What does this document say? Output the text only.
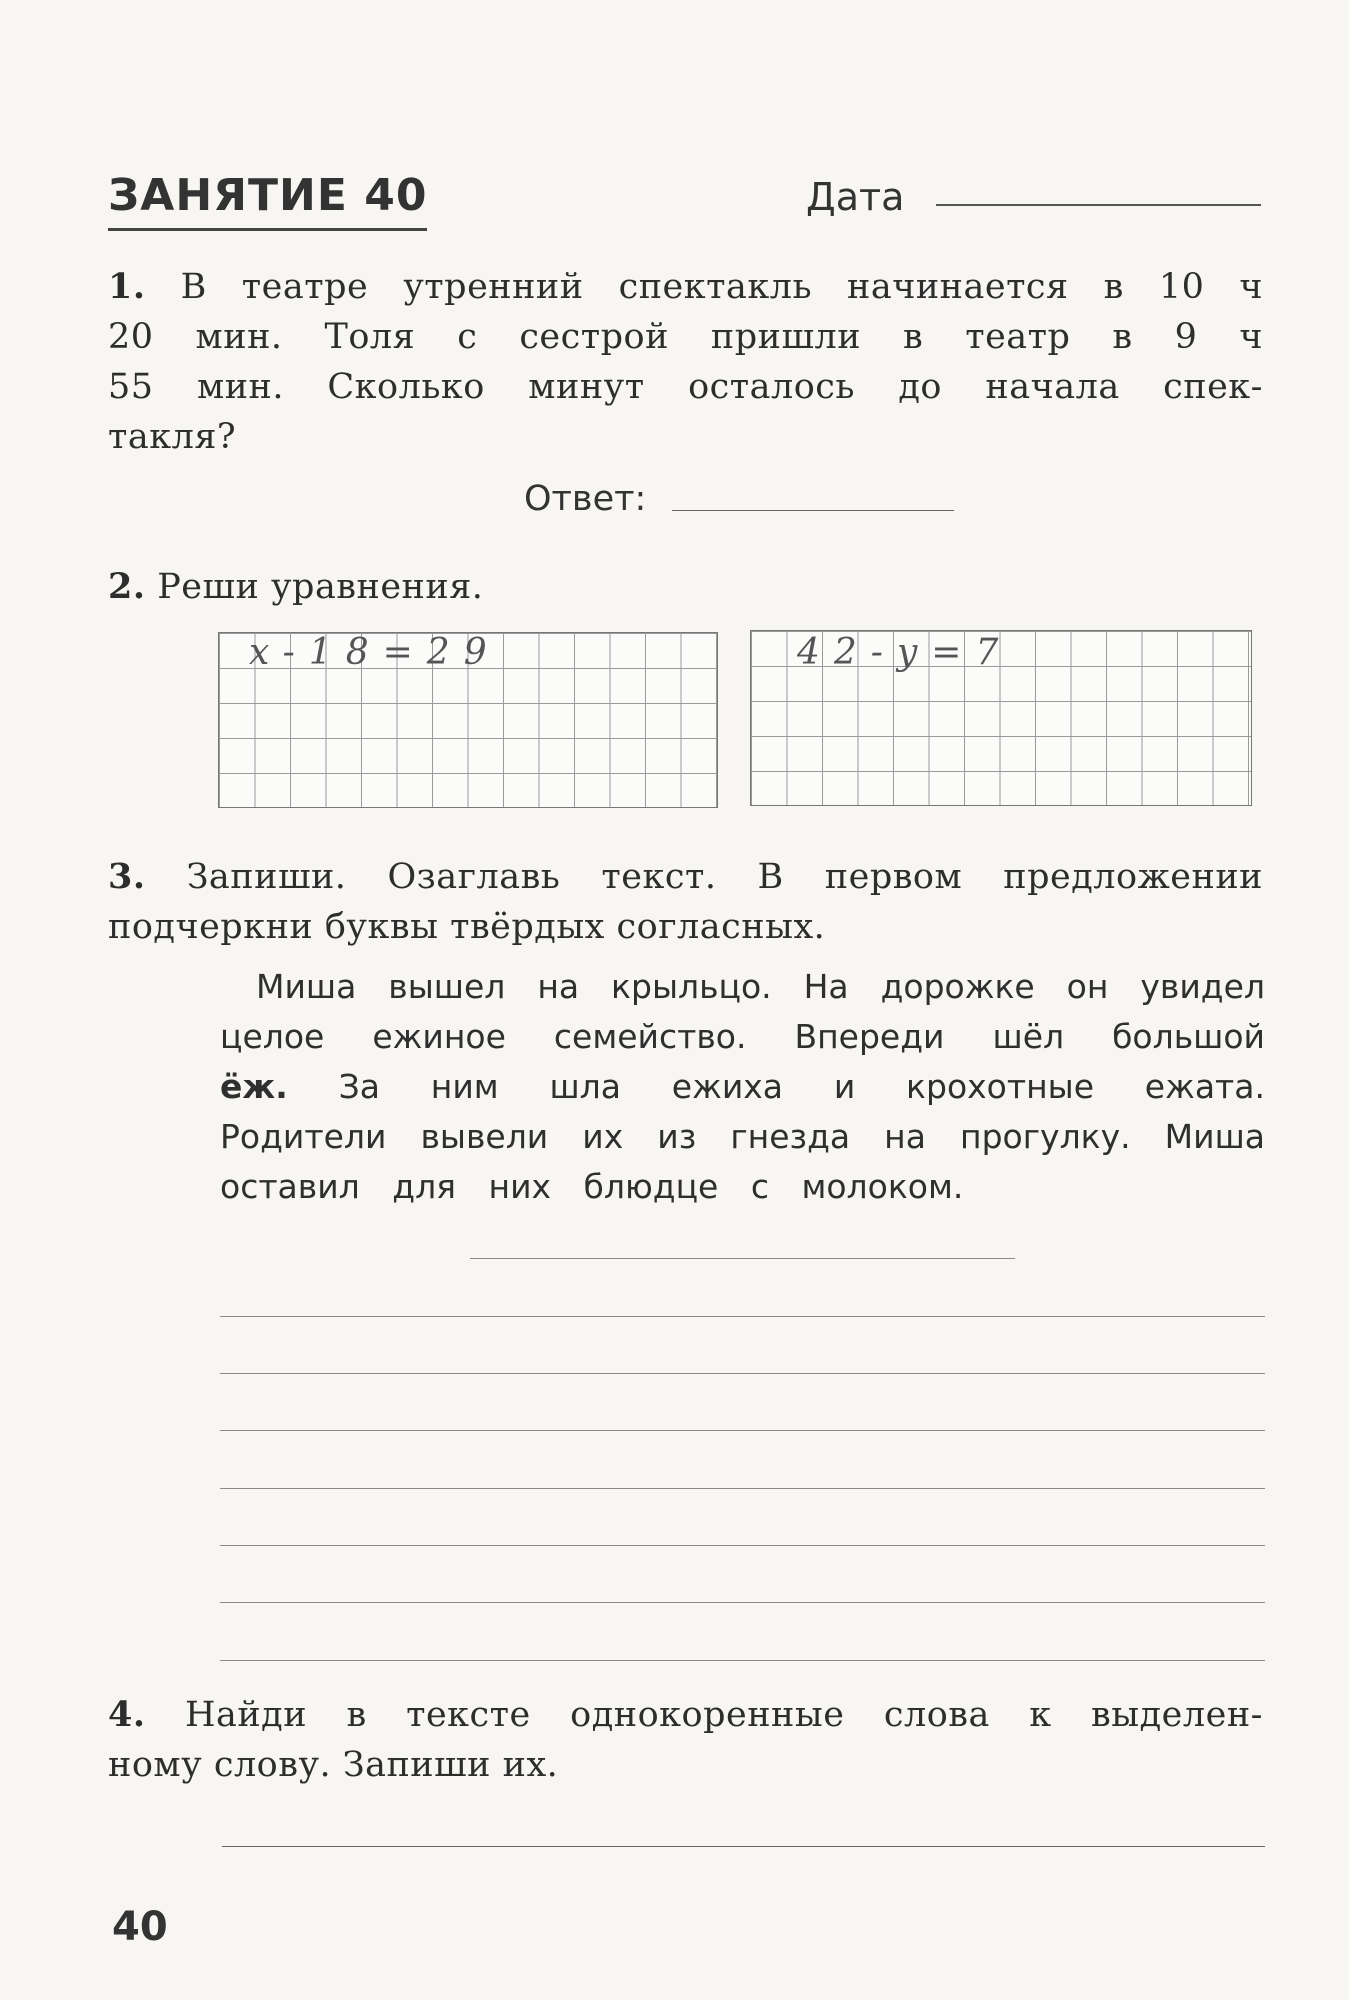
ЗАНЯТИЕ 40	Дата
1. В театре утренний спектакль начинается в 10 ч
20 мин. Толя с сестрой пришли в театр в 9 ч
55 мин. Сколько минут осталось до начала спек-
такля?
Ответ:
2. Реши уравнения.
x-18=29	42-y=7
3. Запиши. Озаглавь текст. В первом предложении
подчеркни буквы твёрдых согласных.
Миша вышел на крыльцо. На дорожке он увидел
целое ежиное семейство. Впереди шёл большой
ёж. За ним шла ежиха и крохотные ежата.
Родители вывели их из гнезда на прогулку. Миша
оставил для них блюдце с молоком.
4. Найди в тексте однокоренные слова к выделен-
ному слову. Запиши их.
40
